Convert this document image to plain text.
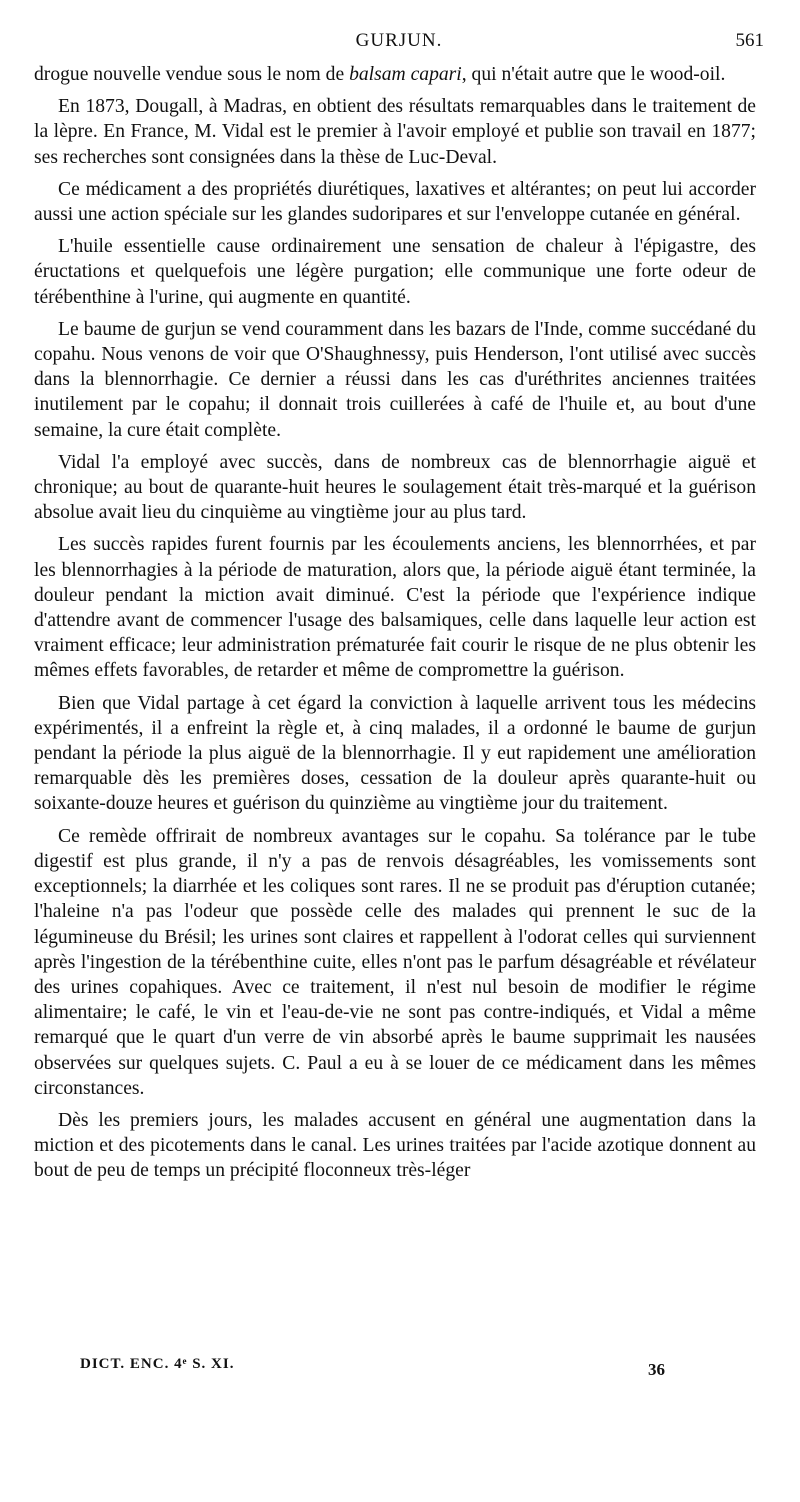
GURJUN.	561

drogue nouvelle vendue sous le nom de balsam capari, qui n'était autre que le wood-oil.

En 1873, Dougall, à Madras, en obtient des résultats remarquables dans le traitement de la lèpre. En France, M. Vidal est le premier à l'avoir employé et publie son travail en 1877; ses recherches sont consignées dans la thèse de Luc-Deval.

Ce médicament a des propriétés diurétiques, laxatives et altérantes; on peut lui accorder aussi une action spéciale sur les glandes sudoripares et sur l'enveloppe cutanée en général.

L'huile essentielle cause ordinairement une sensation de chaleur à l'épigastre, des éructations et quelquefois une légère purgation; elle communique une forte odeur de térébenthine à l'urine, qui augmente en quantité.

Le baume de gurjun se vend couramment dans les bazars de l'Inde, comme succédané du copahu. Nous venons de voir que O'Shaughnessy, puis Henderson, l'ont utilisé avec succès dans la blennorrhagie. Ce dernier a réussi dans les cas d'uréthrites anciennes traitées inutilement par le copahu; il donnait trois cuillerées à café de l'huile et, au bout d'une semaine, la cure était complète.

Vidal l'a employé avec succès, dans de nombreux cas de blennorrhagie aiguë et chronique; au bout de quarante-huit heures le soulagement était très-marqué et la guérison absolue avait lieu du cinquième au vingtième jour au plus tard.

Les succès rapides furent fournis par les écoulements anciens, les blennorrhées, et par les blennorrhagies à la période de maturation, alors que, la période aiguë étant terminée, la douleur pendant la miction avait diminué. C'est la période que l'expérience indique d'attendre avant de commencer l'usage des balsamiques, celle dans laquelle leur action est vraiment efficace; leur administration prématurée fait courir le risque de ne plus obtenir les mêmes effets favorables, de retarder et même de compromettre la guérison.

Bien que Vidal partage à cet égard la conviction à laquelle arrivent tous les médecins expérimentés, il a enfreint la règle et, à cinq malades, il a ordonné le baume de gurjun pendant la période la plus aiguë de la blennorrhagie. Il y eut rapidement une amélioration remarquable dès les premières doses, cessation de la douleur après quarante-huit ou soixante-douze heures et guérison du quinzième au vingtième jour du traitement.

Ce remède offrirait de nombreux avantages sur le copahu. Sa tolérance par le tube digestif est plus grande, il n'y a pas de renvois désagréables, les vomissements sont exceptionnels; la diarrhée et les coliques sont rares. Il ne se produit pas d'éruption cutanée; l'haleine n'a pas l'odeur que possède celle des malades qui prennent le suc de la légumineuse du Brésil; les urines sont claires et rappellent à l'odorat celles qui surviennent après l'ingestion de la térébenthine cuite, elles n'ont pas le parfum désagréable et révélateur des urines copahiques. Avec ce traitement, il n'est nul besoin de modifier le régime alimentaire; le café, le vin et l'eau-de-vie ne sont pas contre-indiqués, et Vidal a même remarqué que le quart d'un verre de vin absorbé après le baume supprimait les nausées observées sur quelques sujets. C. Paul a eu à se louer de ce médicament dans les mêmes circonstances.

Dès les premiers jours, les malades accusent en général une augmentation dans la miction et des picotements dans le canal. Les urines traitées par l'acide azotique donnent au bout de peu de temps un précipité floconneux très-léger

DICT. ENC. 4ᵉ S. XI.	36
